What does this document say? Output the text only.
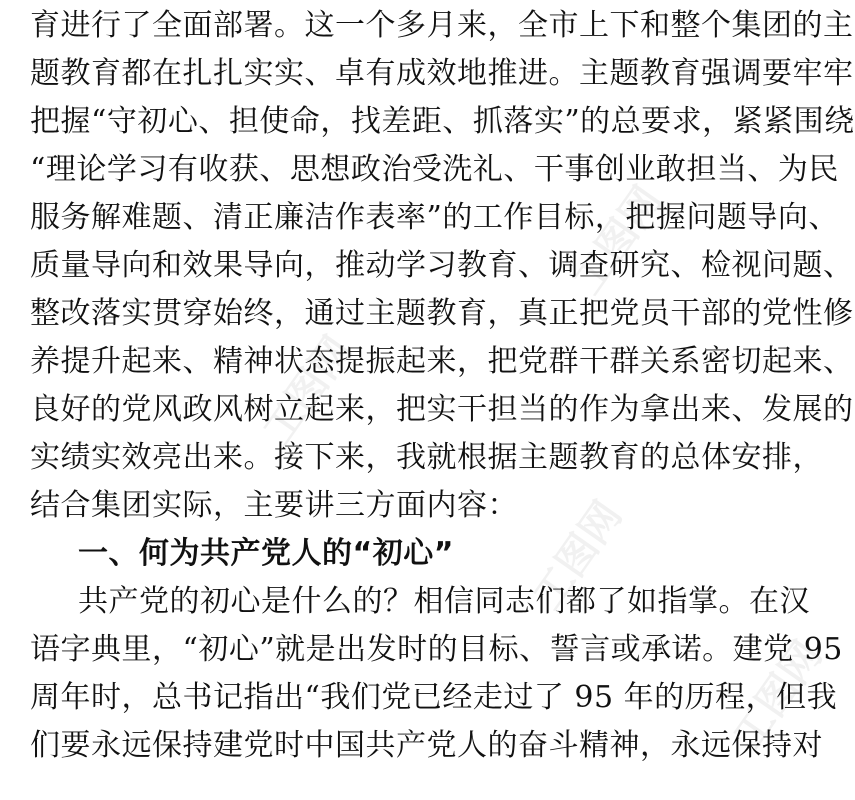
工图网
工图网
工图网
工图网
育进行了全面部署。这一个多月来，全市上下和整个集团的主
题教育都在扎扎实实、卓有成效地推进。主题教育强调要牢牢
把握“守初心、担使命，找差距、抓落实”的总要求，紧紧围绕
“理论学习有收获、思想政治受洗礼、干事创业敢担当、为民
服务解难题、清正廉洁作表率”的工作目标，把握问题导向、
质量导向和效果导向，推动学习教育、调查研究、检视问题、
整改落实贯穿始终，通过主题教育，真正把党员干部的党性修
养提升起来、精神状态提振起来，把党群干群关系密切起来、
良好的党风政风树立起来，把实干担当的作为拿出来、发展的
实绩实效亮出来。接下来，我就根据主题教育的总体安排，
结合集团实际，主要讲三方面内容：
一、何为共产党人的“初心”
共产党的初心是什么的？相信同志们都了如指掌。在汉
语字典里，“初心”就是出发时的目标、誓言或承诺。建党 95
周年时，总书记指出“我们党已经走过了 95 年的历程，但我
们要永远保持建党时中国共产党人的奋斗精神，永远保持对
